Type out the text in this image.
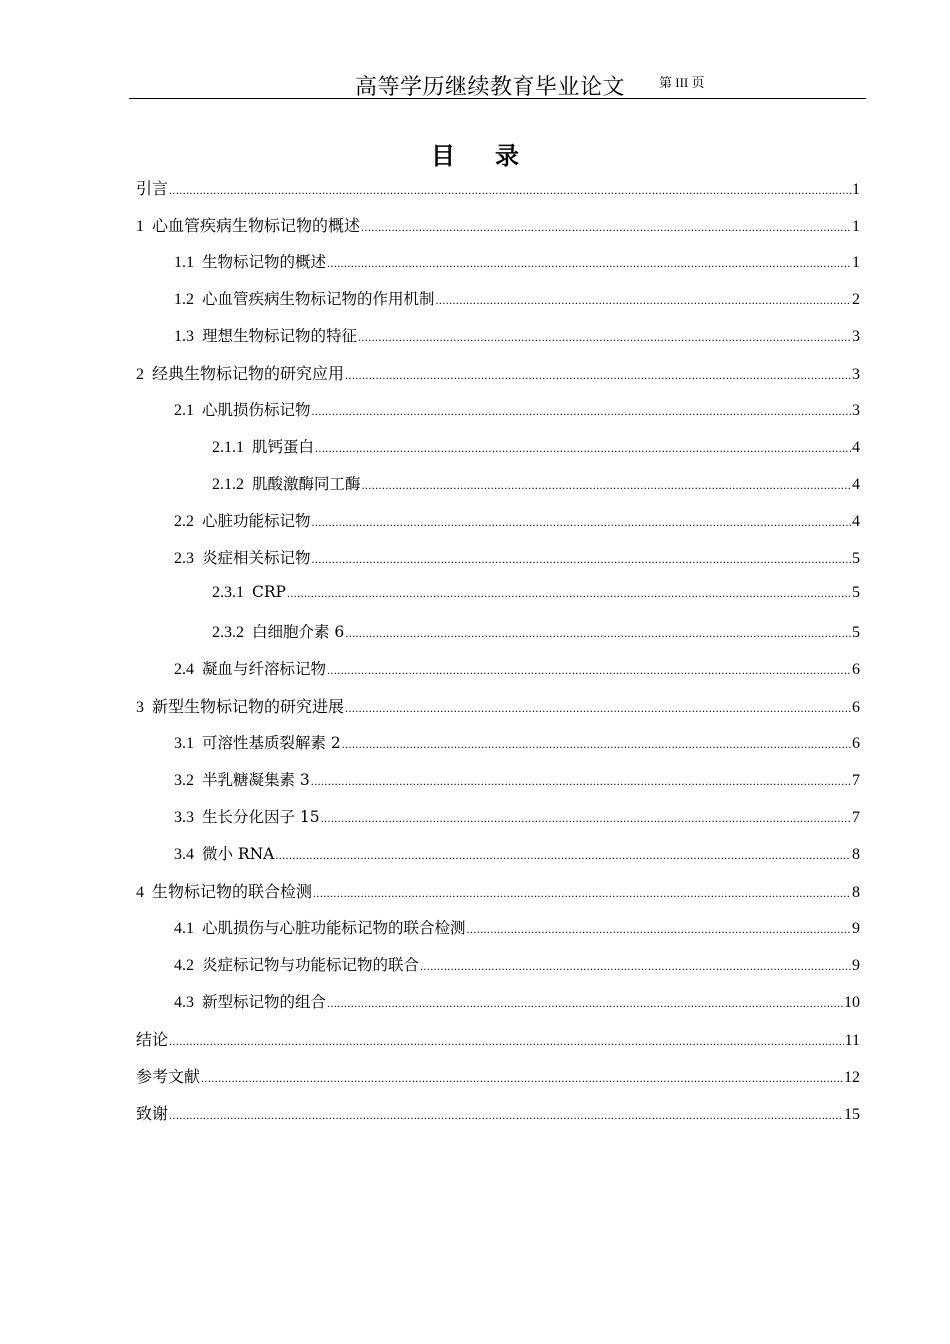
高等学历继续教育毕业论文	第 III 页
目录
引言 .....	1
1 心血管疾病生物标记物的概述 .....	1
1.1 生物标记物的概述 .....	1
1.2 心血管疾病生物标记物的作用机制 .....	2
1.3 理想生物标记物的特征 .....	3
2 经典生物标记物的研究应用 .....	3
2.1 心肌损伤标记物 .....	3
2.1.1 肌钙蛋白 .....	4
2.1.2 肌酸激酶同工酶 .....	4
2.2 心脏功能标记物 .....	4
2.3 炎症相关标记物 .....	5
2.3.1 CRP .....	5
2.3.2 白细胞介素 6 .....	5
2.4 凝血与纤溶标记物 .....	6
3 新型生物标记物的研究进展 .....	6
3.1 可溶性基质裂解素 2 .....	6
3.2 半乳糖凝集素 3 .....	7
3.3 生长分化因子 15 .....	7
3.4 微小 RNA .....	8
4 生物标记物的联合检测 .....	8
4.1 心肌损伤与心脏功能标记物的联合检测 .....	9
4.2 炎症标记物与功能标记物的联合 .....	9
4.3 新型标记物的组合 .....	10
结论 .....	11
参考文献 .....	12
致谢 .....	15
